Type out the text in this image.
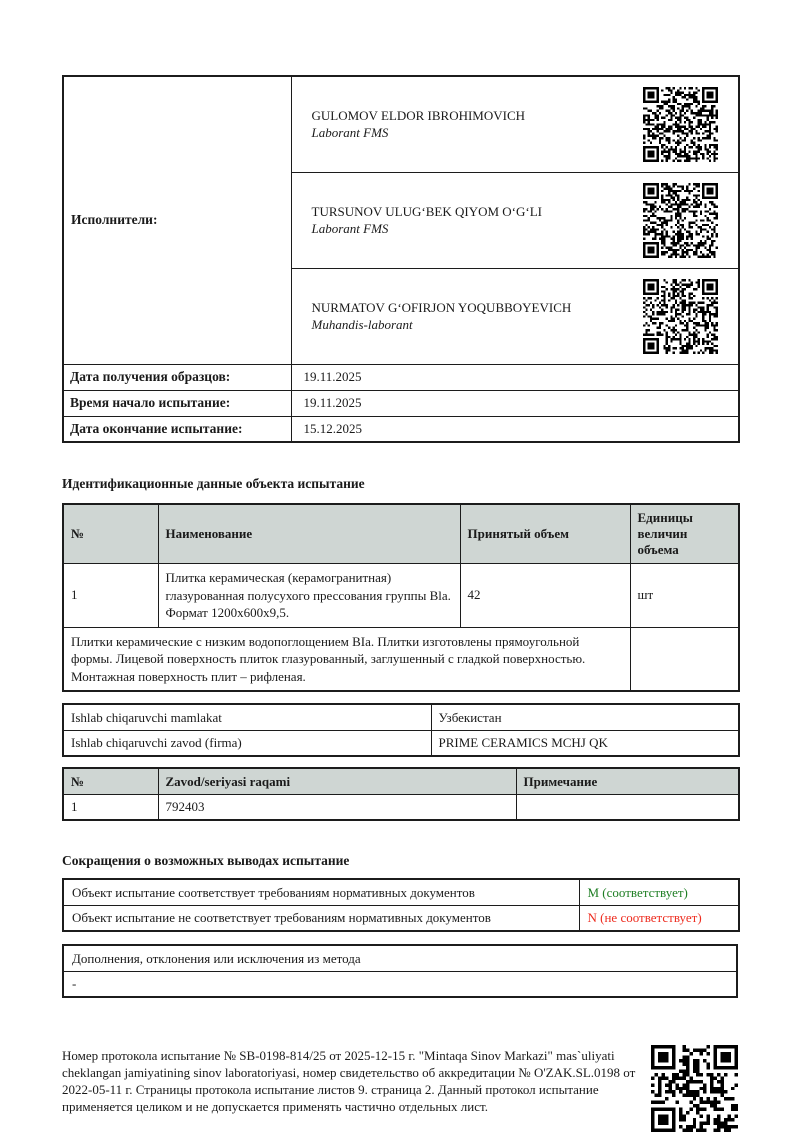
Исполнители:	GULOMOV ELDOR IBROHIMOVICH
Laborant FMS

	TURSUNOV ULUGʻBEK QIYOM OʻGʻLI
Laborant FMS

	NURMATOV GʻOFIRJON YOQUBBOYEVICH
Muhandis-laborant

Дата получения образцов:	19.11.2025
Время начало испытание:	19.11.2025
Дата окончание испытание:	15.12.2025

Идентификационные данные объекта испытание

№	Наименование	Принятый объем	Единицы величин объема
1	Плитка керамическая (керамогранитная) глазурованная полусухого прессования группы Bla. Формат 1200x600x9,5.	42	шт
Плитки керамические с низким водопоглощением BIa. Плитки изготовлены прямоугольной формы. Лицевой поверхность плиток глазурованный, заглушенный с гладкой поверхностью. Монтажная поверхность плит – рифленая.			
Ishlab chiqaruvchi mamlakat	Узбекистан
Ishlab chiqaruvchi zavod (firma)	PRIME CERAMICS MCHJ QK
№	Zavod/seriyasi raqami	Примечание
1	792403	

Сокращения о возможных выводах испытание

Объект испытание соответствует требованиям нормативных документов	М (соответствует)
Объект испытание не соответствует требованиям нормативных документов	N (не соответствует)
Дополнения, отклонения или исключения из метода
-
Номер протокола испытание № SB-0198-814/25 от 2025-12-15 г. "Mintaqa Sinov Markazi" mas`uliyati cheklangan jamiyatining sinov laboratoriyasi, номер свидетельство об аккредитации № O'ZAK.SL.0198 от 2022-05-11 г. Страницы протокола испытание листов 9. страница 2. Данный протокол испытание применяется целиком и не допускается применять частично отдельных лист.
